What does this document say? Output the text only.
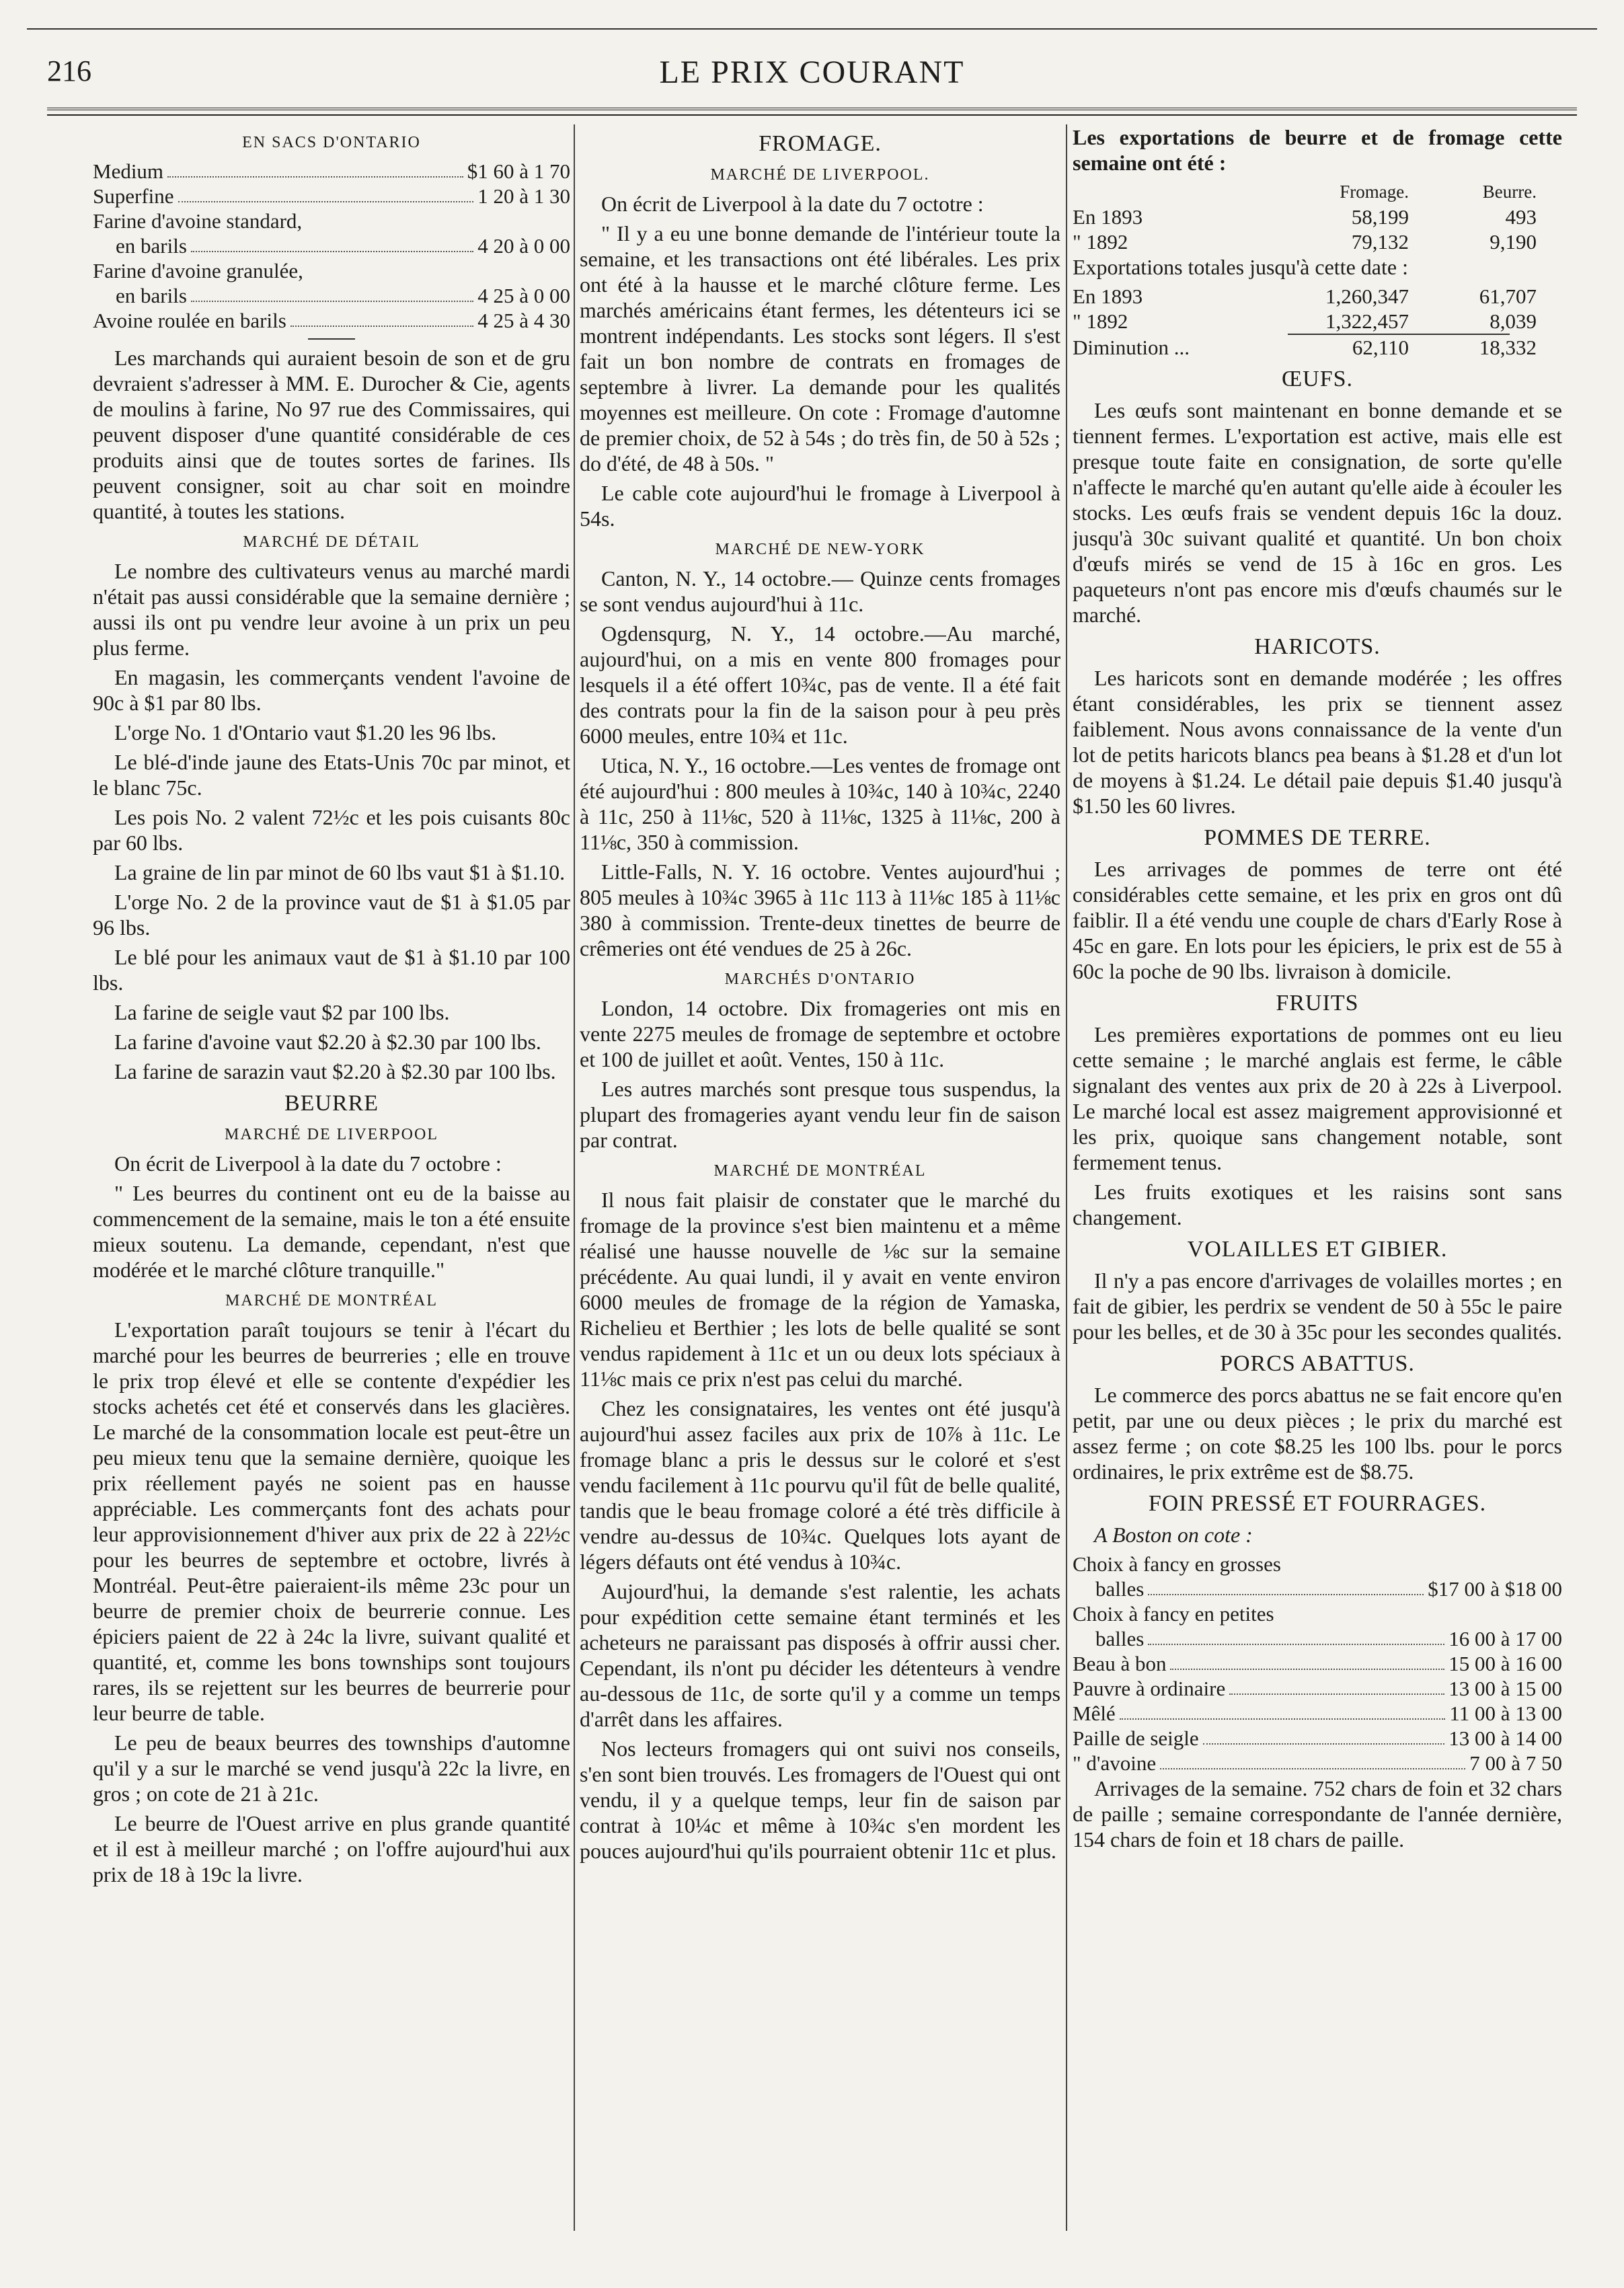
216	LE PRIX COURANT
EN SACS D'ONTARIO
Medium	$1 60 à 1 70
Superfine	1 20 à 1 30
Farine d'avoine standard,
en barils	4 20 à 0 00
Farine d'avoine granulée,
en barils	4 25 à 0 00
Avoine roulée en barils	4 25 à 4 30

Les marchands qui auraient besoin de son et de gru devraient s'adresser à MM. E. Durocher & Cie, agents de moulins à farine, No 97 rue des Commissaires, qui peuvent disposer d'une quantité considérable de ces produits ainsi que de toutes sortes de farines. Ils peuvent consigner, soit au char soit en moindre quantité, à toutes les stations.

MARCHÉ DE DÉTAIL

Le nombre des cultivateurs venus au marché mardi n'était pas aussi considérable que la semaine dernière ; aussi ils ont pu vendre leur avoine à un prix un peu plus ferme.

En magasin, les commerçants vendent l'avoine de 90c à $1 par 80 lbs.

L'orge No. 1 d'Ontario vaut $1.20 les 96 lbs.

Le blé-d'inde jaune des Etats-Unis 70c par minot, et le blanc 75c.

Les pois No. 2 valent 72½c et les pois cuisants 80c par 60 lbs.

La graine de lin par minot de 60 lbs vaut $1 à $1.10.

L'orge No. 2 de la province vaut de $1 à $1.05 par 96 lbs.

Le blé pour les animaux vaut de $1 à $1.10 par 100 lbs.

La farine de seigle vaut $2 par 100 lbs.

La farine d'avoine vaut $2.20 à $2.30 par 100 lbs.

La farine de sarazin vaut $2.20 à $2.30 par 100 lbs.

BEURRE
MARCHÉ DE LIVERPOOL

On écrit de Liverpool à la date du 7 octobre :

" Les beurres du continent ont eu de la baisse au commencement de la semaine, mais le ton a été ensuite mieux soutenu. La demande, cependant, n'est que modérée et le marché clôture tranquille."

MARCHÉ DE MONTRÉAL

L'exportation paraît toujours se tenir à l'écart du marché pour les beurres de beurreries ; elle en trouve le prix trop élevé et elle se contente d'expédier les stocks achetés cet été et conservés dans les glacières. Le marché de la consommation locale est peut-être un peu mieux tenu que la semaine dernière, quoique les prix réellement payés ne soient pas en hausse appréciable. Les commerçants font des achats pour leur approvisionnement d'hiver aux prix de 22 à 22½c pour les beurres de septembre et octobre, livrés à Montréal. Peut-être paieraient-ils même 23c pour un beurre de premier choix de beurrerie connue. Les épiciers paient de 22 à 24c la livre, suivant qualité et quantité, et, comme les bons townships sont toujours rares, ils se rejettent sur les beurres de beurrerie pour leur beurre de table.

Le peu de beaux beurres des townships d'automne qu'il y a sur le marché se vend jusqu'à 22c la livre, en gros ; on cote de 21 à 21c.

Le beurre de l'Ouest arrive en plus grande quantité et il est à meilleur marché ; on l'offre aujourd'hui aux prix de 18 à 19c la livre.

FROMAGE.
MARCHÉ DE LIVERPOOL.

On écrit de Liverpool à la date du 7 octotre :

" Il y a eu une bonne demande de l'intérieur toute la semaine, et les transactions ont été libérales. Les prix ont été à la hausse et le marché clôture ferme. Les marchés américains étant fermes, les détenteurs ici se montrent indépendants. Les stocks sont légers. Il s'est fait un bon nombre de contrats en fromages de septembre à livrer. La demande pour les qualités moyennes est meilleure. On cote : Fromage d'automne de premier choix, de 52 à 54s ; do très fin, de 50 à 52s ; do d'été, de 48 à 50s. "

Le cable cote aujourd'hui le fromage à Liverpool à 54s.

MARCHÉ DE NEW-YORK

Canton, N. Y., 14 octobre.— Quinze cents fromages se sont vendus aujourd'hui à 11c.

Ogdensqurg, N. Y., 14 octobre.—Au marché, aujourd'hui, on a mis en vente 800 fromages pour lesquels il a été offert 10¾c, pas de vente. Il a été fait des contrats pour la fin de la saison pour à peu près 6000 meules, entre 10¾ et 11c.

Utica, N. Y., 16 octobre.—Les ventes de fromage ont été aujourd'hui : 800 meules à 10¾c, 140 à 10¾c, 2240 à 11c, 250 à 11⅛c, 520 à 11⅛c, 1325 à 11⅛c, 200 à 11⅛c, 350 à commission.

Little-Falls, N. Y. 16 octobre. Ventes aujourd'hui ; 805 meules à 10¾c 3965 à 11c 113 à 11⅛c 185 à 11⅛c 380 à commission. Trente-deux tinettes de beurre de crêmeries ont été vendues de 25 à 26c.

MARCHÉS D'ONTARIO

London, 14 octobre. Dix fromageries ont mis en vente 2275 meules de fromage de septembre et octobre et 100 de juillet et août. Ventes, 150 à 11c.

Les autres marchés sont presque tous suspendus, la plupart des fromageries ayant vendu leur fin de saison par contrat.

MARCHÉ DE MONTRÉAL

Il nous fait plaisir de constater que le marché du fromage de la province s'est bien maintenu et a même réalisé une hausse nouvelle de ⅛c sur la semaine précédente. Au quai lundi, il y avait en vente environ 6000 meules de fromage de la région de Yamaska, Richelieu et Berthier ; les lots de belle qualité se sont vendus rapidement à 11c et un ou deux lots spéciaux à 11⅛c mais ce prix n'est pas celui du marché.

Chez les consignataires, les ventes ont été jusqu'à aujourd'hui assez faciles aux prix de 10⅞ à 11c. Le fromage blanc a pris le dessus sur le coloré et s'est vendu facilement à 11c pourvu qu'il fût de belle qualité, tandis que le beau fromage coloré a été très difficile à vendre au-dessus de 10¾c. Quelques lots ayant de légers défauts ont été vendus à 10¾c.

Aujourd'hui, la demande s'est ralentie, les achats pour expédition cette semaine étant terminés et les acheteurs ne paraissant pas disposés à offrir aussi cher. Cependant, ils n'ont pu décider les détenteurs à vendre au-dessous de 11c, de sorte qu'il y a comme un temps d'arrêt dans les affaires.

Nos lecteurs fromagers qui ont suivi nos conseils, s'en sont bien trouvés. Les fromagers de l'Ouest qui ont vendu, il y a quelque temps, leur fin de saison par contrat à 10¼c et même à 10¾c s'en mordent les pouces aujourd'hui qu'ils pourraient obtenir 11c et plus.

Les exportations de beurre et de fromage cette semaine ont été :

Fromage.	Beurre.
En 1893	58,199	493
" 1892	79,132	9,190

Exportations totales jusqu'à cette date :

En 1893	1,260,347	61,707
" 1892	1,322,457	8,039
Diminution ...	62,110	18,332
ŒUFS.

Les œufs sont maintenant en bonne demande et se tiennent fermes. L'exportation est active, mais elle est presque toute faite en consignation, de sorte qu'elle n'affecte le marché qu'en autant qu'elle aide à écouler les stocks. Les œufs frais se vendent depuis 16c la douz. jusqu'à 30c suivant qualité et quantité. Un bon choix d'œufs mirés se vend de 15 à 16c en gros. Les paqueteurs n'ont pas encore mis d'œufs chaumés sur le marché.

HARICOTS.

Les haricots sont en demande modérée ; les offres étant considérables, les prix se tiennent assez faiblement. Nous avons connaissance de la vente d'un lot de petits haricots blancs pea beans à $1.28 et d'un lot de moyens à $1.24. Le détail paie depuis $1.40 jusqu'à $1.50 les 60 livres.

POMMES DE TERRE.

Les arrivages de pommes de terre ont été considérables cette semaine, et les prix en gros ont dû faiblir. Il a été vendu une couple de chars d'Early Rose à 45c en gare. En lots pour les épiciers, le prix est de 55 à 60c la poche de 90 lbs. livraison à domicile.

FRUITS

Les premières exportations de pommes ont eu lieu cette semaine ; le marché anglais est ferme, le câble signalant des ventes aux prix de 20 à 22s à Liverpool. Le marché local est assez maigrement approvisionné et les prix, quoique sans changement notable, sont fermement tenus.

Les fruits exotiques et les raisins sont sans changement.

VOLAILLES ET GIBIER.

Il n'y a pas encore d'arrivages de volailles mortes ; en fait de gibier, les perdrix se vendent de 50 à 55c le paire pour les belles, et de 30 à 35c pour les secondes qualités.

PORCS ABATTUS.

Le commerce des porcs abattus ne se fait encore qu'en petit, par une ou deux pièces ; le prix du marché est assez ferme ; on cote $8.25 les 100 lbs. pour le porcs ordinaires, le prix extrême est de $8.75.

FOIN PRESSÉ ET FOURRAGES.

A Boston on cote :

Choix à fancy en grosses
balles	$17 00 à $18 00
Choix à fancy en petites
balles	16 00 à 17 00
Beau à bon	15 00 à 16 00
Pauvre à ordinaire	13 00 à 15 00
Mêlé	11 00 à 13 00
Paille de seigle	13 00 à 14 00
" d'avoine	7 00 à 7 50

Arrivages de la semaine. 752 chars de foin et 32 chars de paille ; semaine correspondante de l'année dernière, 154 chars de foin et 18 chars de paille.
